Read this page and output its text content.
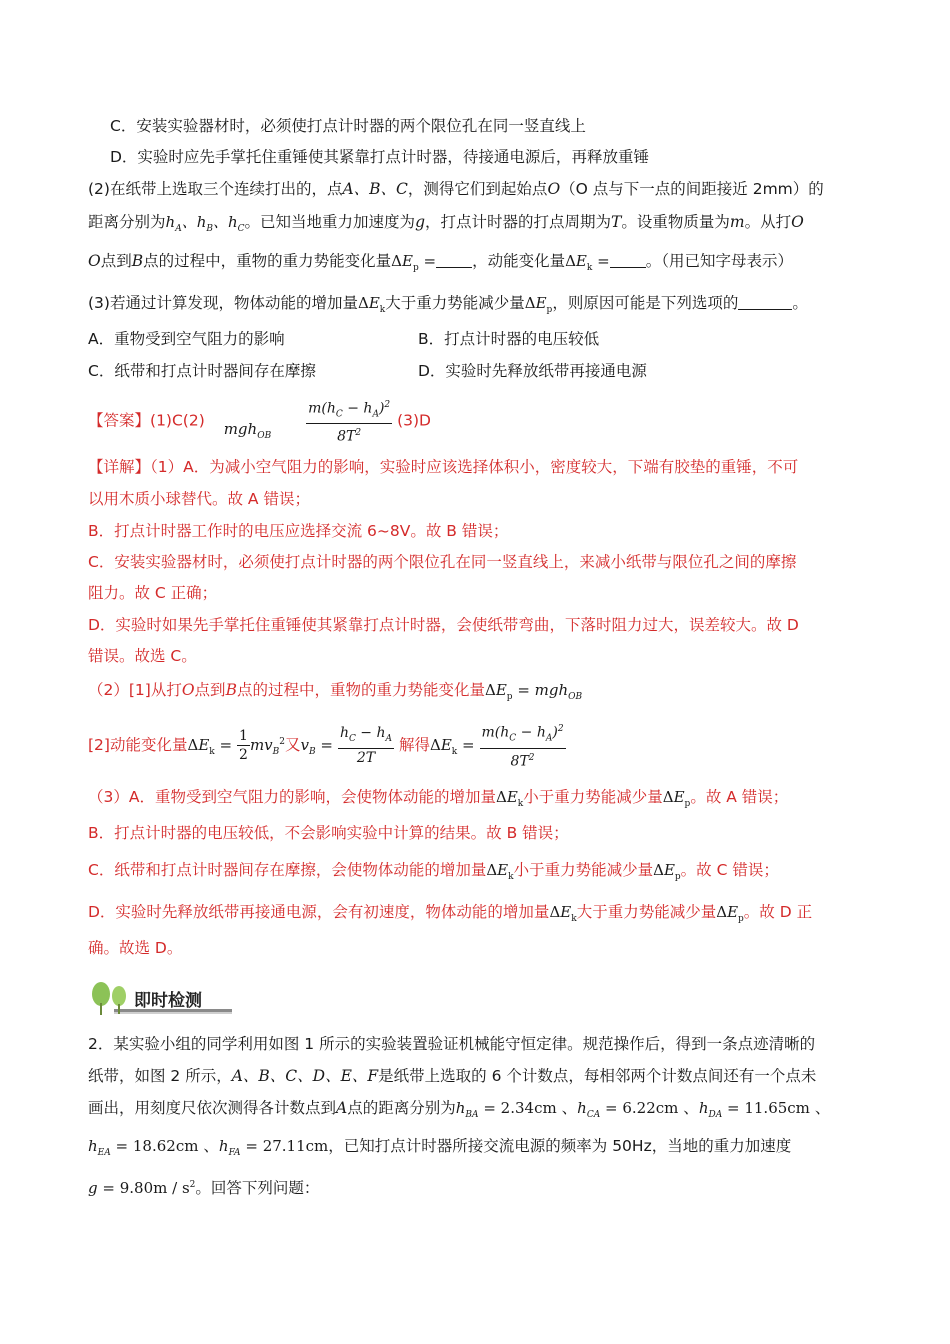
C．安装实验器材时，必须使打点计时器的两个限位孔在同一竖直线上
D．实验时应先手掌托住重锤使其紧靠打点计时器，待接通电源后，再释放重锤
(2)在纸带上选取三个连续打出的，点A、B、C，测得它们到起始点O（O 点与下一点的间距接近 2mm）的
距离分别为$h_A$、$h_B$、$h_C$。已知当地重力加速度为g，打点计时器的打点周期为T。设重物质量为m。从打O
O点到B点的过程中，重物的重力势能变化量$\Delta E_p$ = ，动能变化量$\Delta E_k$ = 。（用已知字母表示）
(3)若通过计算发现，物体动能的增加量$\Delta E_k$大于重力势能减少量$\Delta E_p$，则原因可能是下列选项的	。
A．重物受到空气阻力的影响	B．打点计时器的电压较低
C．纸带和打点计时器间存在摩擦	D．实验时先释放纸带再接通电源
【答案】(1)C(2) $mgh_{OB} \frac{m(h_C - h_A)^2}{8T^2} (3)D$
【详解】（1）A．为减小空气阻力的影响，实验时应该选择体积小，密度较大，下端有胶垫的重锤，不可
以用木质小球替代。故 A 错误；
B．打点计时器工作时的电压应选择交流 6~8V。故 B 错误；
C．安装实验器材时，必须使打点计时器的两个限位孔在同一竖直线上，来减小纸带与限位孔之间的摩擦
阻力。故 C 正确；
D．实验时如果先手掌托住重锤使其紧靠打点计时器，会使纸带弯曲，下落时阻力过大，误差较大。故 D
错误。故选 C。
（2）[1]从打O点到B点的过程中，重物的重力势能变化量$\Delta E_p = mgh_{OB}$
[2]动能变化量$\Delta E_k = \frac{1}{2} mv_B^2$又$v_B = \frac{h_C - h_A}{2T}$ 解得$\Delta E_k = \frac{m(h_C - h_A)^2}{8T^2}$
（3）A．重物受到空气阻力的影响，会使物体动能的增加量$\Delta E_k$小于重力势能减少量$\Delta E_p$。故 A 错误；
B．打点计时器的电压较低，不会影响实验中计算的结果。故 B 错误；
C．纸带和打点计时器间存在摩擦，会使物体动能的增加量$\Delta E_k$小于重力势能减少量$\Delta E_p$。故 C 错误；
D．实验时先释放纸带再接通电源，会有初速度，物体动能的增加量$\Delta E_k$大于重力势能减少量$\Delta E_p$。故 D 正
确。故选 D。
即时检测
2．某实验小组的同学利用如图 1 所示的实验装置验证机械能守恒定律。规范操作后，得到一条点迹清晰的
纸带，如图 2 所示，A、B、C、D、E、F是纸带上选取的 6 个计数点，每相邻两个计数点间还有一个点未
画出，用刻度尺依次测得各计数点到A点的距离分别为$h_{BA} = 2.34cm$ 、$h_{CA} = 6.22cm$ 、$h_{DA} = 11.65cm$ 、
$h_{EA} = 18.62cm$ 、$h_{FA} = 27.11cm$，已知打点计时器所接交流电源的频率为 50Hz，当地的重力加速度
$g = 9.80m / s^2$。回答下列问题：
